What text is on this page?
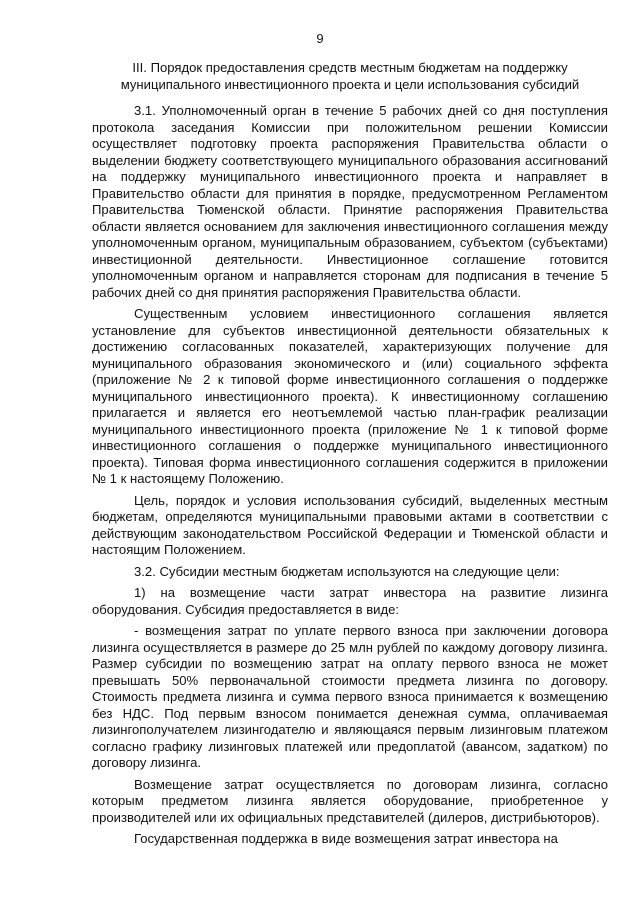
9
III. Порядок предоставления средств местным бюджетам на поддержку
муниципального инвестиционного проекта и цели использования субсидий

3.1. Уполномоченный орган в течение 5 рабочих дней со дня поступления протокола заседания Комиссии при положительном решении Комиссии осуществляет подготовку проекта распоряжения Правительства области о выделении бюджету соответствующего муниципального образования ассигнований на поддержку муниципального инвестиционного проекта и направляет в Правительство области для принятия в порядке, предусмотренном Регламентом Правительства Тюменской области. Принятие распоряжения Правительства области является основанием для заключения инвестиционного соглашения между уполномоченным органом, муниципальным образованием, субъектом (субъектами) инвестиционной деятельности. Инвестиционное соглашение готовится уполномоченным органом и направляется сторонам для подписания в течение 5 рабочих дней со дня принятия распоряжения Правительства области.

Существенным условием инвестиционного соглашения является установление для субъектов инвестиционной деятельности обязательных к достижению согласованных показателей, характеризующих получение для муниципального образования экономического и (или) социального эффекта (приложение № 2 к типовой форме инвестиционного соглашения о поддержке муниципального инвестиционного проекта). К инвестиционному соглашению прилагается и является его неотъемлемой частью план-график реализации муниципального инвестиционного проекта (приложение № 1 к типовой форме инвестиционного соглашения о поддержке муниципального инвестиционного проекта). Типовая форма инвестиционного соглашения содержится в приложении № 1 к настоящему Положению.

Цель, порядок и условия использования субсидий, выделенных местным бюджетам, определяются муниципальными правовыми актами в соответствии с действующим законодательством Российской Федерации и Тюменской области и настоящим Положением.

3.2. Субсидии местным бюджетам используются на следующие цели:

1) на возмещение части затрат инвестора на развитие лизинга оборудования. Субсидия предоставляется в виде:

- возмещения затрат по уплате первого взноса при заключении договора лизинга осуществляется в размере до 25 млн рублей по каждому договору лизинга. Размер субсидии по возмещению затрат на оплату первого взноса не может превышать 50% первоначальной стоимости предмета лизинга по договору. Стоимость предмета лизинга и сумма первого взноса принимается к возмещению без НДС. Под первым взносом понимается денежная сумма, оплачиваемая лизингополучателем лизингодателю и являющаяся первым лизинговым платежом согласно графику лизинговых платежей или предоплатой (авансом, задатком) по договору лизинга.

Возмещение затрат осуществляется по договорам лизинга, согласно которым предметом лизинга является оборудование, приобретенное у производителей или их официальных представителей (дилеров, дистрибьюторов).

Государственная поддержка в виде возмещения затрат инвестора на
